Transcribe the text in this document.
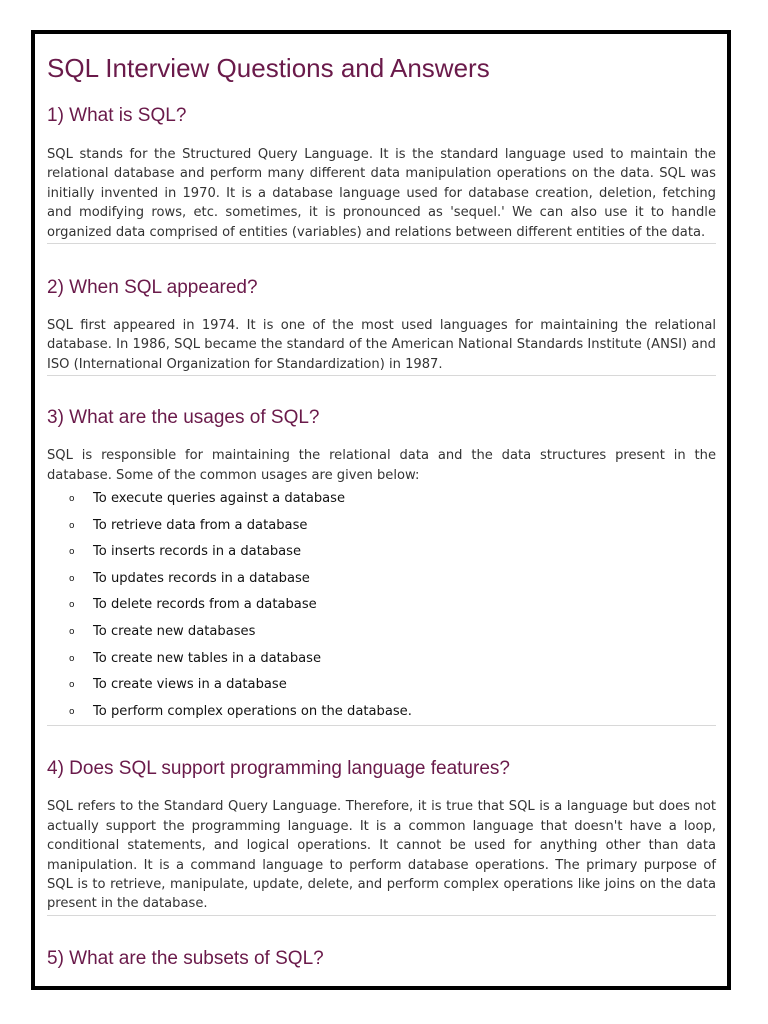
SQL Interview Questions and Answers
1) What is SQL?

SQL stands for the Structured Query Language. It is the standard language used to maintain the relational database and perform many different data manipulation operations on the data. SQL was initially invented in 1970. It is a database language used for database creation, deletion, fetching and modifying rows, etc. sometimes, it is pronounced as 'sequel.' We can also use it to handle organized data comprised of entities (variables) and relations between different entities of the data.

2) When SQL appeared?

SQL first appeared in 1974. It is one of the most used languages for maintaining the relational database. In 1986, SQL became the standard of the American National Standards Institute (ANSI) and ISO (International Organization for Standardization) in 1987.

3) What are the usages of SQL?

SQL is responsible for maintaining the relational data and the data structures present in the database. Some of the common usages are given below:

o To execute queries against a database
o To retrieve data from a database
o To inserts records in a database
o To updates records in a database
o To delete records from a database
o To create new databases
o To create new tables in a database
o To create views in a database
o To perform complex operations on the database.
4) Does SQL support programming language features?

SQL refers to the Standard Query Language. Therefore, it is true that SQL is a language but does not actually support the programming language. It is a common language that doesn't have a loop, conditional statements, and logical operations. It cannot be used for anything other than data manipulation. It is a command language to perform database operations. The primary purpose of SQL is to retrieve, manipulate, update, delete, and perform complex operations like joins on the data present in the database.

5) What are the subsets of SQL?
